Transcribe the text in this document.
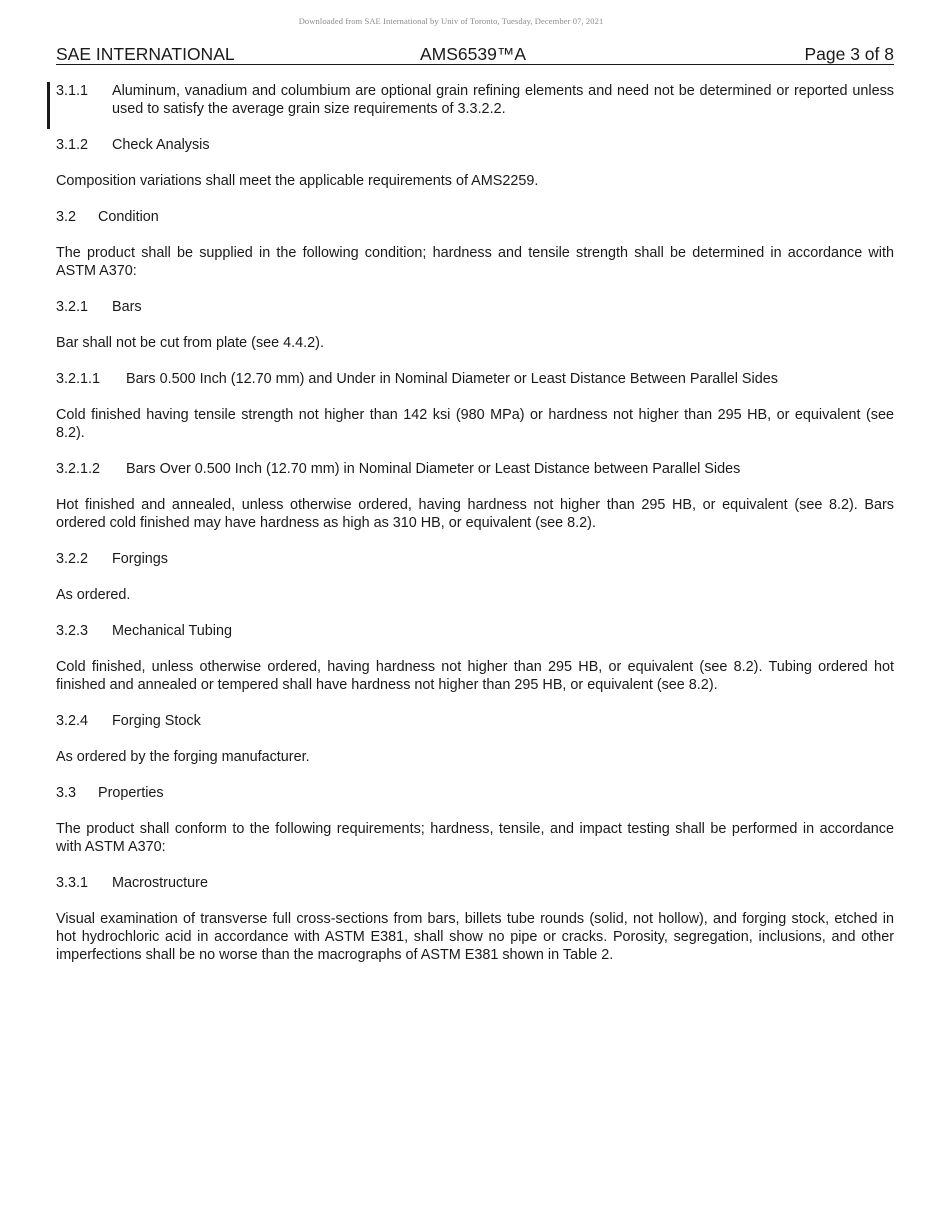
Downloaded from SAE International by Univ of Toronto, Tuesday, December 07, 2021
SAE INTERNATIONAL	AMS6539™A	Page 3 of 8
3.1.1	Aluminum, vanadium and columbium are optional grain refining elements and need not be determined or reported unless used to satisfy the average grain size requirements of 3.3.2.2.
3.1.2 Check Analysis

Composition variations shall meet the applicable requirements of AMS2259.

3.2 Condition

The product shall be supplied in the following condition; hardness and tensile strength shall be determined in accordance with ASTM A370:

3.2.1 Bars

Bar shall not be cut from plate (see 4.4.2).

3.2.1.1 Bars 0.500 Inch (12.70 mm) and Under in Nominal Diameter or Least Distance Between Parallel Sides

Cold finished having tensile strength not higher than 142 ksi (980 MPa) or hardness not higher than 295 HB, or equivalent (see 8.2).

3.2.1.2 Bars Over 0.500 Inch (12.70 mm) in Nominal Diameter or Least Distance between Parallel Sides

Hot finished and annealed, unless otherwise ordered, having hardness not higher than 295 HB, or equivalent (see 8.2). Bars ordered cold finished may have hardness as high as 310 HB, or equivalent (see 8.2).

3.2.2 Forgings

As ordered.

3.2.3 Mechanical Tubing

Cold finished, unless otherwise ordered, having hardness not higher than 295 HB, or equivalent (see 8.2). Tubing ordered hot finished and annealed or tempered shall have hardness not higher than 295 HB, or equivalent (see 8.2).

3.2.4 Forging Stock

As ordered by the forging manufacturer.

3.3 Properties

The product shall conform to the following requirements; hardness, tensile, and impact testing shall be performed in accordance with ASTM A370:

3.3.1 Macrostructure

Visual examination of transverse full cross-sections from bars, billets tube rounds (solid, not hollow), and forging stock, etched in hot hydrochloric acid in accordance with ASTM E381, shall show no pipe or cracks. Porosity, segregation, inclusions, and other imperfections shall be no worse than the macrographs of ASTM E381 shown in Table 2.
